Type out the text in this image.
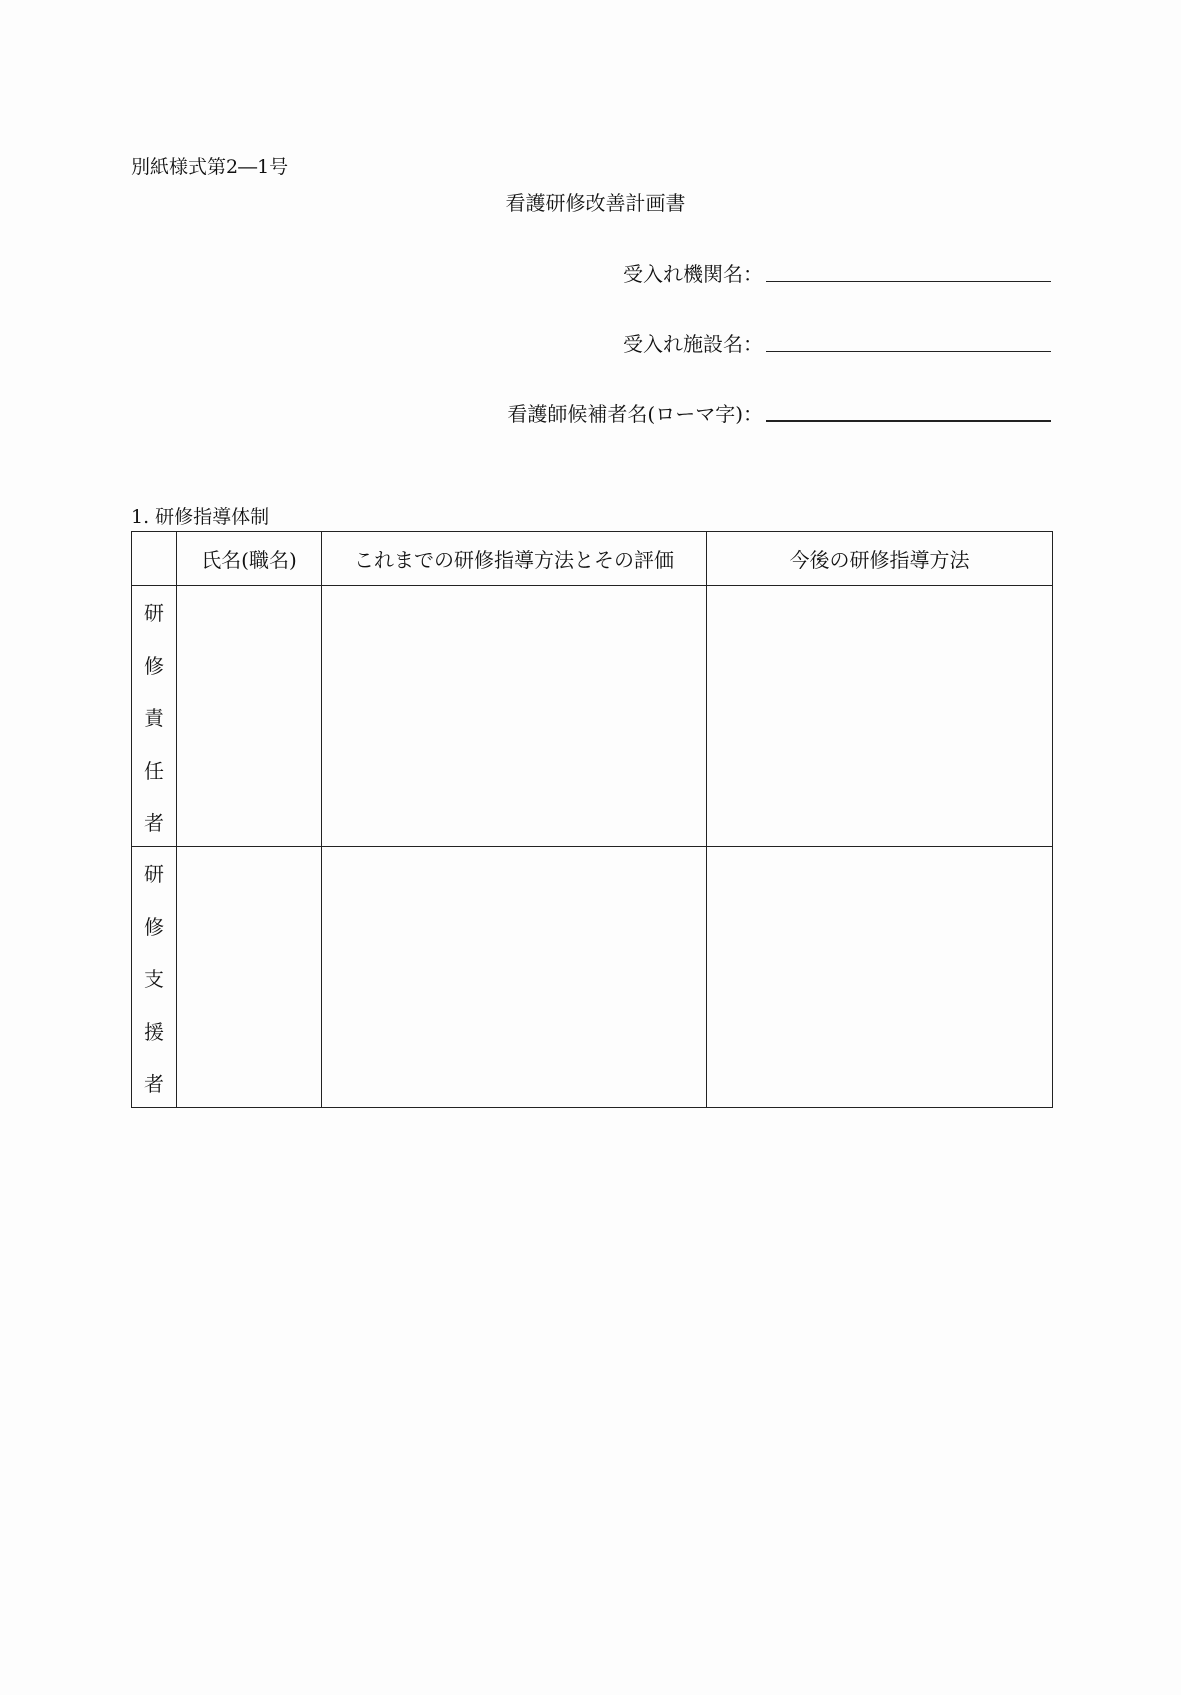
別紙様式第2―1号
看護研修改善計画書
受入れ機関名：
受入れ施設名：
看護師候補者名(ローマ字)：
1. 研修指導体制
	氏名(職名)	これまでの研修指導方法とその評価	今後の研修指導方法

研
修
責
任
者			

研
修
支
援
者			
